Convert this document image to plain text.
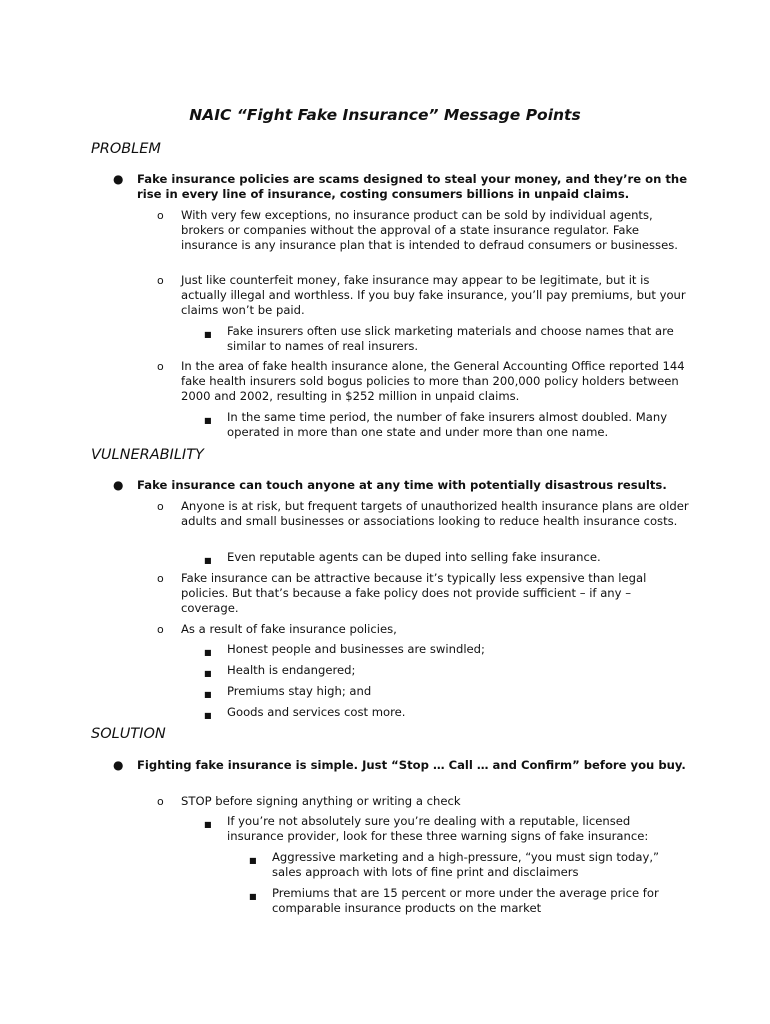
NAIC “Fight Fake Insurance” Message Points
PROBLEM
● Fake insurance policies are scams designed to steal your money, and they’re on the rise in every line of insurance, costing consumers billions in unpaid claims.
o With very few exceptions, no insurance product can be sold by individual agents, brokers or companies without the approval of a state insurance regulator. Fake insurance is any insurance plan that is intended to defraud consumers or businesses.
o Just like counterfeit money, fake insurance may appear to be legitimate, but it is actually illegal and worthless. If you buy fake insurance, you’ll pay premiums, but your claims won’t be paid.
■ Fake insurers often use slick marketing materials and choose names that are similar to names of real insurers.
o In the area of fake health insurance alone, the General Accounting Office reported 144 fake health insurers sold bogus policies to more than 200,000 policy holders between 2000 and 2002, resulting in $252 million in unpaid claims.
■ In the same time period, the number of fake insurers almost doubled. Many operated in more than one state and under more than one name.
VULNERABILITY
● Fake insurance can touch anyone at any time with potentially disastrous results.
o Anyone is at risk, but frequent targets of unauthorized health insurance plans are older adults and small businesses or associations looking to reduce health insurance costs.
■ Even reputable agents can be duped into selling fake insurance.
o Fake insurance can be attractive because it’s typically less expensive than legal policies. But that’s because a fake policy does not provide sufficient – if any – coverage.
o As a result of fake insurance policies,
■ Honest people and businesses are swindled;
■ Health is endangered;
■ Premiums stay high; and
■ Goods and services cost more.
SOLUTION
● Fighting fake insurance is simple. Just “Stop … Call … and Confirm” before you buy.
o STOP before signing anything or writing a check
■ If you’re not absolutely sure you’re dealing with a reputable, licensed insurance provider, look for these three warning signs of fake insurance:
■ Aggressive marketing and a high-pressure, “you must sign today,” sales approach with lots of fine print and disclaimers
■ Premiums that are 15 percent or more under the average price for comparable insurance products on the market
